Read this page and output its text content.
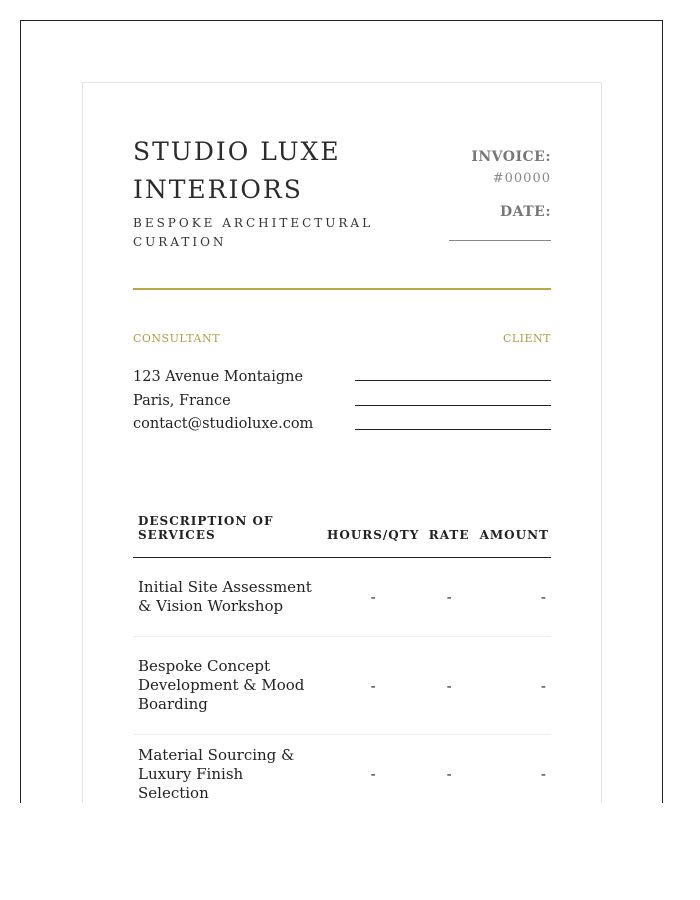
STUDIO LUXE INTERIORS
BESPOKE ARCHITECTURAL CURATION
INVOICE:
#00000
DATE:
CONSULTANT	CLIENT
123 Avenue Montaigne
Paris, France
contact@studioluxe.com
DESCRIPTION OF SERVICES	HOURS/QTY	RATE	AMOUNT
Initial Site Assessment & Vision Workshop	-	-	-
Bespoke Concept Development & Mood Boarding	-	-	-
Material Sourcing & Luxury Finish Selection	-	-	-
